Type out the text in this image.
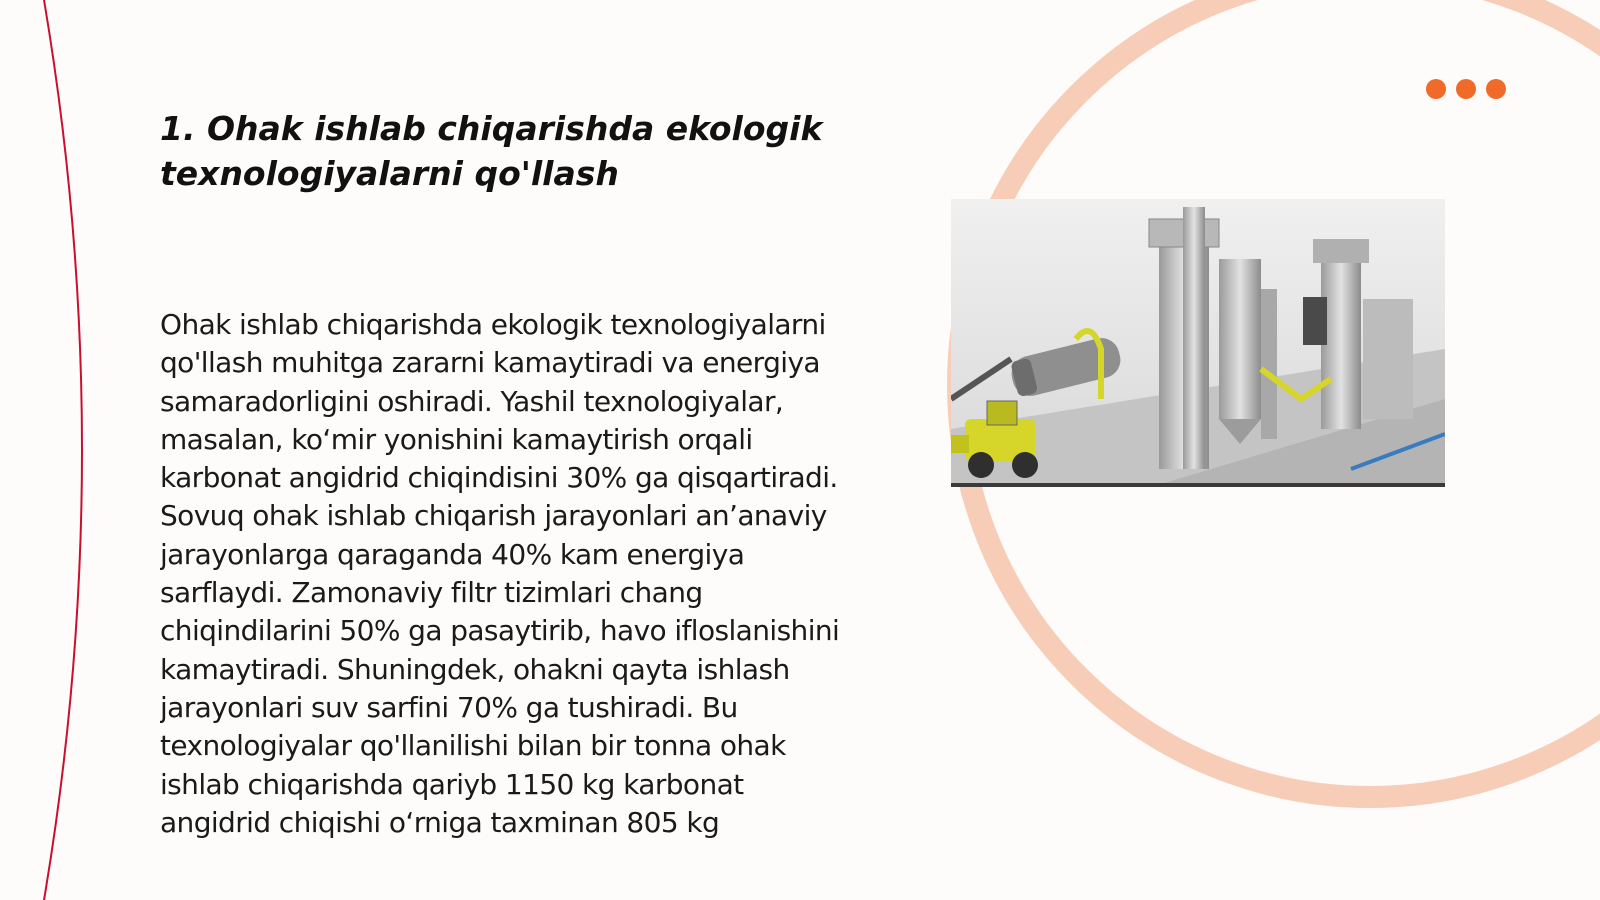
1. Ohak ishlab chiqarishda ekologik texnologiyalarni qo'llash

Ohak ishlab chiqarishda ekologik texnologiyalarni qo'llash muhitga zararni kamaytiradi va energiya samaradorligini oshiradi. Yashil texnologiyalar, masalan, ko‘mir yonishini kamaytirish orqali karbonat angidrid chiqindisini 30% ga qisqartiradi. Sovuq ohak ishlab chiqarish jarayonlari an’anaviy jarayonlarga qaraganda 40% kam energiya sarflaydi. Zamonaviy filtr tizimlari chang chiqindilarini 50% ga pasaytirib, havo ifloslanishini kamaytiradi. Shuningdek, ohakni qayta ishlash jarayonlari suv sarfini 70% ga tushiradi. Bu texnologiyalar qo'llanilishi bilan bir tonna ohak ishlab chiqarishda qariyb 1150 kg karbonat angidrid chiqishi o‘rniga taxminan 805 kg
